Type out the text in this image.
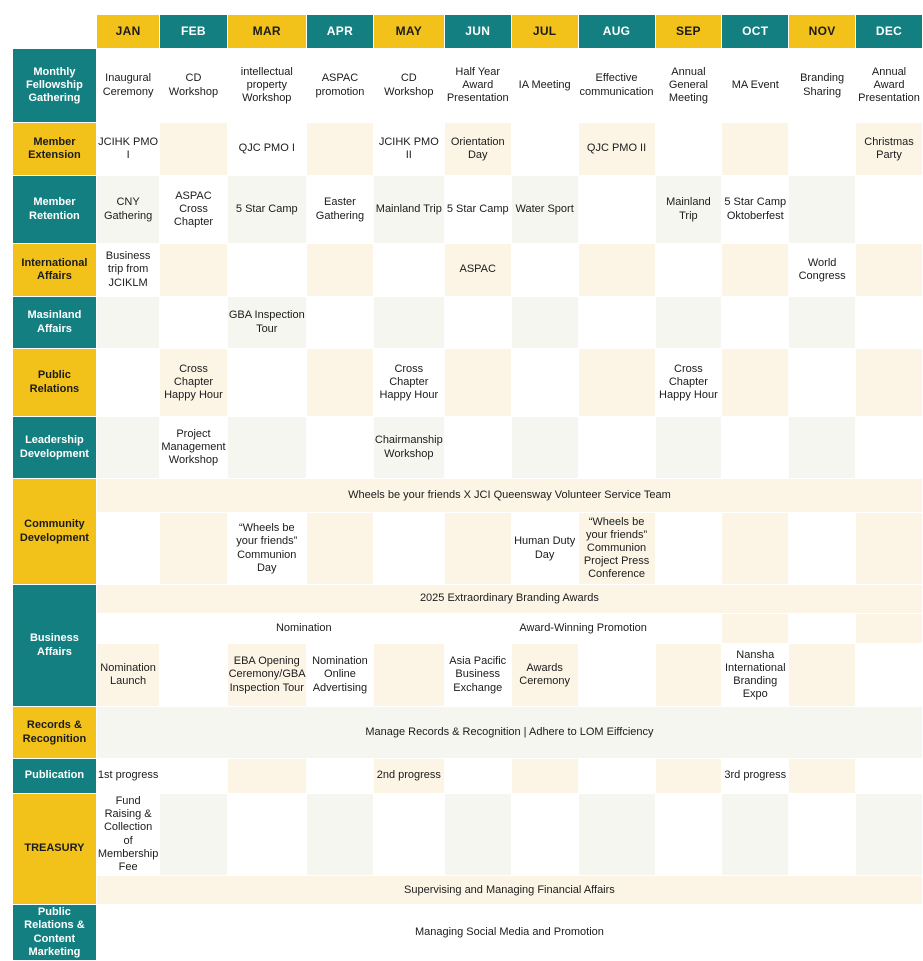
	JAN	FEB	MAR	APR	MAY	JUN	JUL	AUG	SEP	OCT	NOV	DEC
Monthly Fellowship Gathering	Inaugural Ceremony	CD Workshop	intellectual property Workshop	ASPAC promotion	CD Workshop	Half Year Award Presentation	IA Meeting	Effective communication	Annual General Meeting	MA Event	Branding Sharing	Annual Award Presentation
Member Extension	JCIHK PMO I		QJC PMO I		JCIHK PMO II	Orientation Day		QJC PMO II				Christmas Party
Member Retention	CNY Gathering	ASPAC Cross Chapter	5 Star Camp	Easter Gathering	Mainland Trip	5 Star Camp	Water Sport		Mainland Trip	5 Star Camp Oktoberfest		
International Affairs	Business trip from JCIKLM					ASPAC					World Congress	
Masinland Affairs			GBA Inspection Tour									
Public Relations		Cross Chapter Happy Hour			Cross Chapter Happy Hour				Cross Chapter Happy Hour			
Leadership Development		Project Management Workshop			Chairmanship Workshop							
Community Development	Wheels be your friends X JCI Queensway Volunteer Service Team											
			“Wheels be your friends” Communion Day				Human Duty Day	“Wheels be your friends” Communion Project Press Conference				
Business Affairs	2025 Extraordinary Branding Awards											
	Nomination						Award-Winning Promotion					
	Nomination Launch		EBA Opening Ceremony/GBA Inspection Tour	Nomination Online Advertising		Asia Pacific Business Exchange	Awards Ceremony			Nansha International Branding Expo		
Records & Recognition	Manage Records & Recognition | Adhere to LOM Eiffciency											
Publication	1st progress				2nd progress					3rd progress		
TREASURY	Fund Raising & Collection of Membership Fee											
	Supervising and Managing Financial Affairs											
Public Relations & Content Marketing	Managing Social Media and Promotion											
